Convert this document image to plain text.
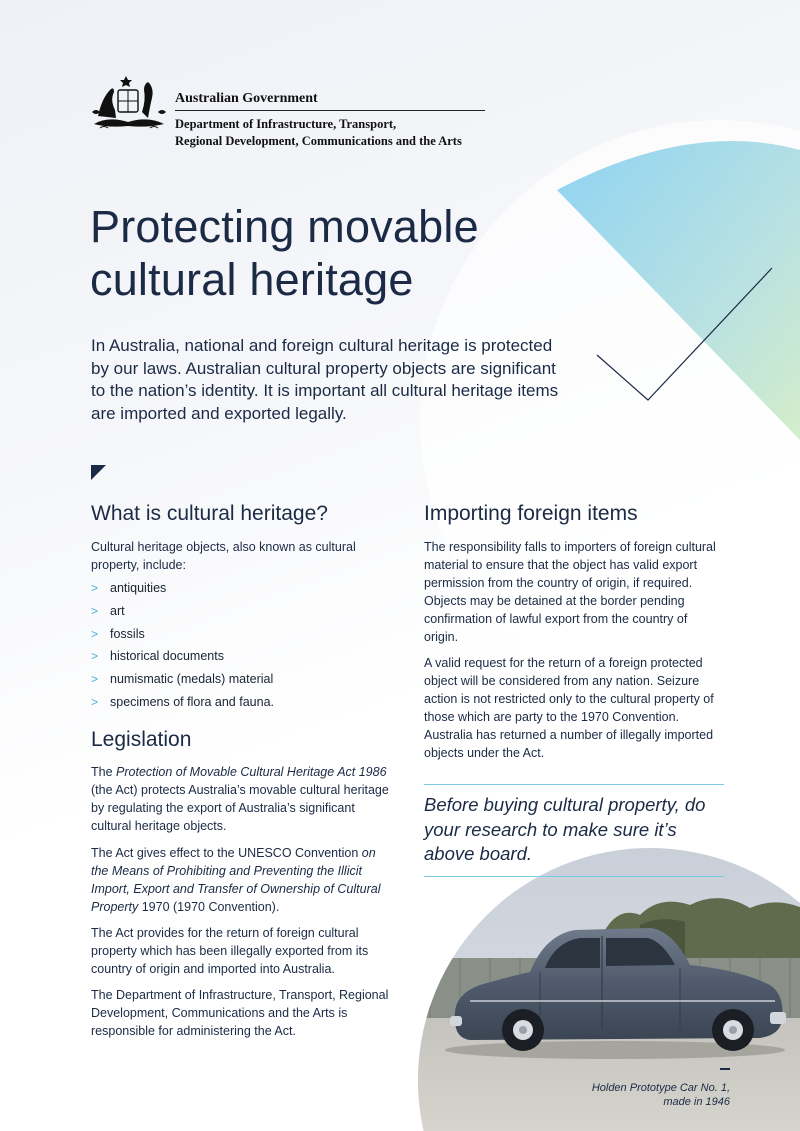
Australian Government
Department of Infrastructure, Transport,
Regional Development, Communications and the Arts
Protecting movable
cultural heritage

In Australia, national and foreign cultural heritage is protected by our laws. Australian cultural property objects are significant to the nation’s identity. It is important all cultural heritage items are imported and exported legally.

What is cultural heritage?

Cultural heritage objects, also known as cultural property, include:

> antiquities
> art
> fossils
> historical documents
> numismatic (medals) material
> specimens of flora and fauna.
Legislation

The Protection of Movable Cultural Heritage Act 1986 (the Act) protects Australia’s movable cultural heritage by regulating the export of Australia’s significant cultural heritage objects.

The Act gives effect to the UNESCO Convention on the Means of Prohibiting and Preventing the Illicit Import, Export and Transfer of Ownership of Cultural Property 1970 (1970 Convention).

The Act provides for the return of foreign cultural property which has been illegally exported from its country of origin and imported into Australia.

The Department of Infrastructure, Transport, Regional Development, Communications and the Arts is responsible for administering the Act.

Importing foreign items

The responsibility falls to importers of foreign cultural material to ensure that the object has valid export permission from the country of origin, if required. Objects may be detained at the border pending confirmation of lawful export from the country of origin.

A valid request for the return of a foreign protected object will be considered from any nation. Seizure action is not restricted only to the cultural property of those which are party to the 1970 Convention. Australia has returned a number of illegally imported objects under the Act.

Before buying cultural property, do your research to make sure it’s above board.

Holden Prototype Car No. 1,
made in 1946
